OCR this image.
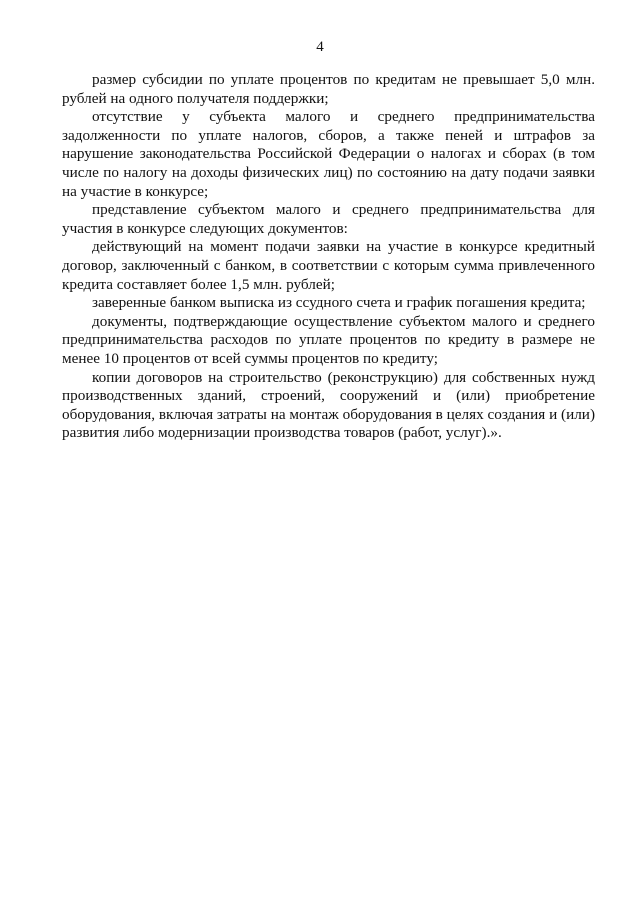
4

размер субсидии по уплате процентов по кредитам не превышает 5,0 млн. рублей на одного получателя поддержки;

отсутствие у субъекта малого и среднего предпринимательства задолженности по уплате налогов, сборов, а также пеней и штрафов за нарушение законодательства Российской Федерации о налогах и сборах (в том числе по налогу на доходы физических лиц) по состоянию на дату подачи заявки на участие в конкурсе;

представление субъектом малого и среднего предпринимательства для участия в конкурсе следующих документов:

действующий на момент подачи заявки на участие в конкурсе кредитный договор, заключенный с банком, в соответствии с которым сумма привлеченного кредита составляет более 1,5 млн. рублей;

заверенные банком выписка из ссудного счета и график погашения кредита;

документы, подтверждающие осуществление субъектом малого и среднего предпринимательства расходов по уплате процентов по кредиту в размере не менее 10 процентов от всей суммы процентов по кредиту;

копии договоров на строительство (реконструкцию) для собственных нужд производственных зданий, строений, сооружений и (или) приобретение оборудования, включая затраты на монтаж оборудования в целях создания и (или) развития либо модернизации производства товаров (работ, услуг).».
